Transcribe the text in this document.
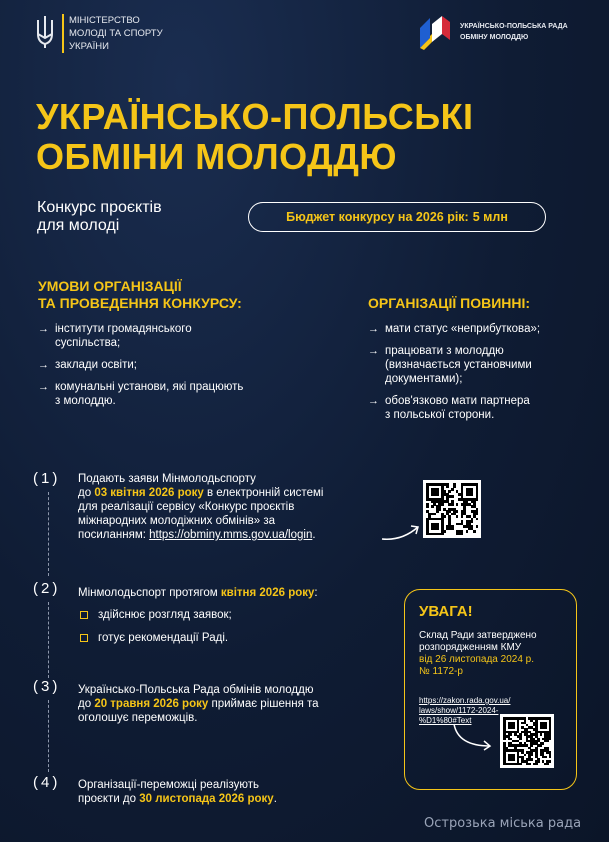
МІНІСТЕРСТВО
МОЛОДІ ТА СПОРТУ
УКРАЇНИ
УКРАЇНСЬКО-ПОЛЬСЬКА РАДА
ОБМІНУ МОЛОДДЮ
УКРАЇНСЬКО-ПОЛЬСЬКІ
ОБМІНИ МОЛОДДЮ
Конкурс проєктів
для молоді	Бюджет конкурсу на 2026 рік: 5 млн
УМОВИ ОРГАНІЗАЦІЇ
ТА ПРОВЕДЕННЯ КОНКУРСУ:
→ інститути громадянського
суспільства;
→ заклади освіти;
→ комунальні установи, які працюють
з молоддю.
ОРГАНІЗАЦІЇ ПОВИННІ:
→ мати статус «неприбутковa»;
→ працювати з молоддю
(визначається установчими
документами);
→ обов'язково мати партнера
з польської сторони.
(1) Подають заяви Мінмолодьспорту
до 03 квітня 2026 року в електронній системі
для реалізації сервісу «Конкурс проєктів
міжнародних молодіжних обмінів» за
посиланням: https://obminy.mms.gov.ua/login.
(2) Мінмолодьспорт протягом квітня 2026 року:
здійснює розгляд заявок;
готує рекомендації Раді.
(3) Українсько-Польська Рада обмінів молоддю
до 20 травня 2026 року приймає рішення та
оголошує переможців.
(4) Організації-переможці реалізують
проєкти до 30 листопада 2026 року.
УВАГА!
Склад Ради затверджено
розпорядженням КМУ
від 26 листопада 2024 р.
№ 1172-р
https://zakon.rada.gov.ua/
laws/show/1172-2024-
%D1%80#Text
Острозька міська рада
